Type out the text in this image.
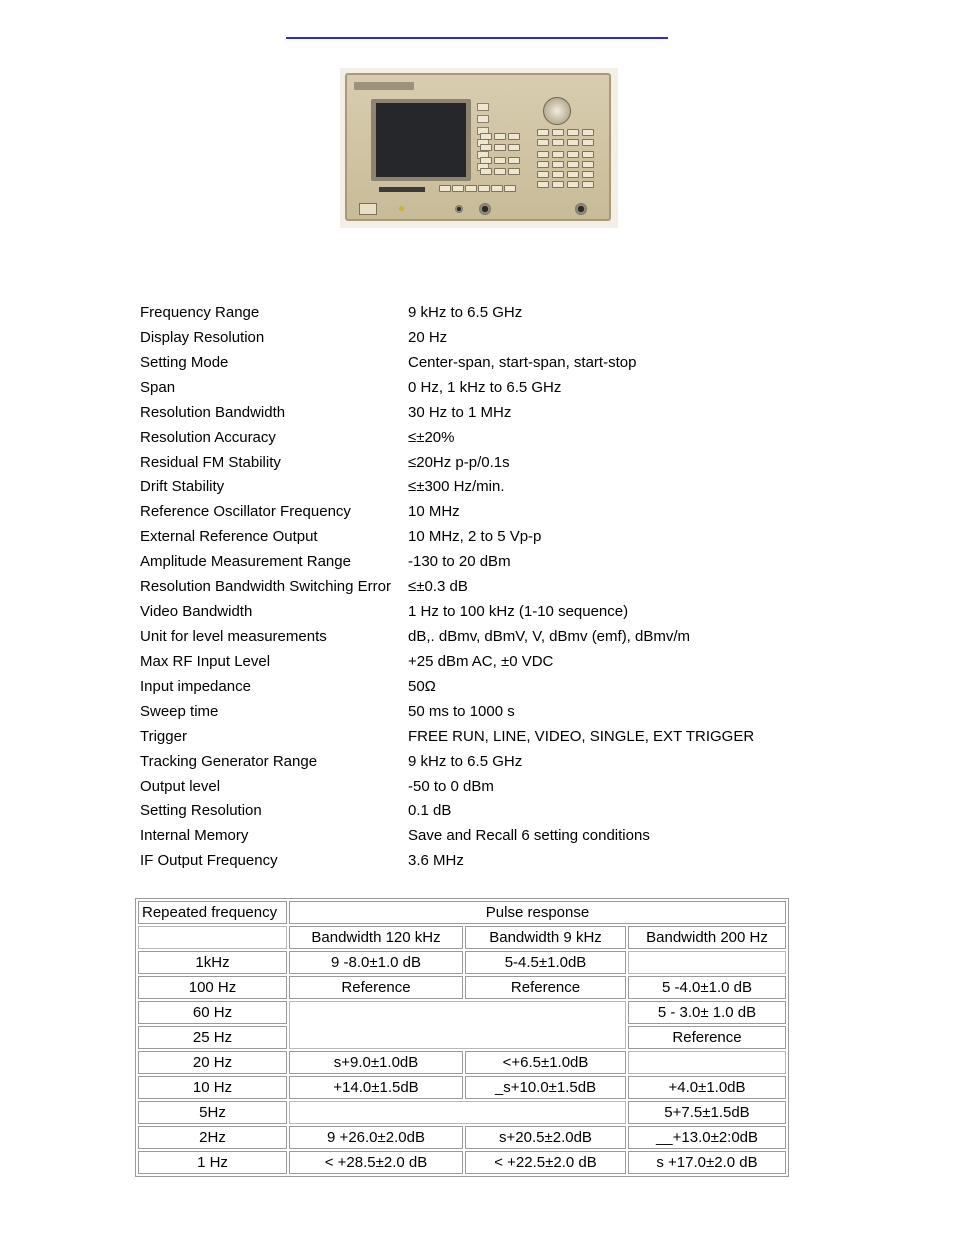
Frequency Range	9 kHz to 6.5 GHz
Display Resolution	20 Hz
Setting Mode	Center-span, start-span, start-stop
Span	0 Hz, 1 kHz to 6.5 GHz
Resolution Bandwidth	30 Hz to 1 MHz
Resolution Accuracy	≤±20%
Residual FM Stability	≤20Hz p-p/0.1s
Drift Stability	≤±300 Hz/min.
Reference Oscillator Frequency	10 MHz
External Reference Output	10 MHz, 2 to 5 Vp-p
Amplitude Measurement Range	-130 to 20 dBm
Resolution Bandwidth Switching Error	≤±0.3 dB
Video Bandwidth	1 Hz to 100 kHz (1-10 sequence)
Unit for level measurements	dB,. dBmv, dBmV, V, dBmv (emf), dBmv/m
Max RF Input Level	+25 dBm AC, ±0 VDC
Input impedance	50Ω
Sweep time	50 ms to 1000 s
Trigger	FREE RUN, LINE, VIDEO, SINGLE, EXT TRIGGER
Tracking Generator Range	9 kHz to 6.5 GHz
Output level	-50 to 0 dBm
Setting Resolution	0.1 dB
Internal Memory	Save and Recall 6 setting conditions
IF Output Frequency	3.6 MHz
Repeated frequency	Pulse response		
	Bandwidth 120 kHz	Bandwidth 9 kHz	Bandwidth 200 Hz
1kHz	9 -8.0±1.0 dB	5-4.5±1.0dB	
100 Hz	Reference	Reference	5 -4.0±1.0 dB
60 Hz			5 - 3.0± 1.0 dB
25 Hz			Reference
20 Hz	s+9.0±1.0dB	<+6.5±1.0dB	
10 Hz	+14.0±1.5dB	_s+10.0±1.5dB	+4.0±1.0dB
5Hz			5+7.5±1.5dB
2Hz	9 +26.0±2.0dB	s+20.5±2.0dB	__+13.0±2:0dB
1 Hz	< +28.5±2.0 dB	< +22.5±2.0 dB	s +17.0±2.0 dB
